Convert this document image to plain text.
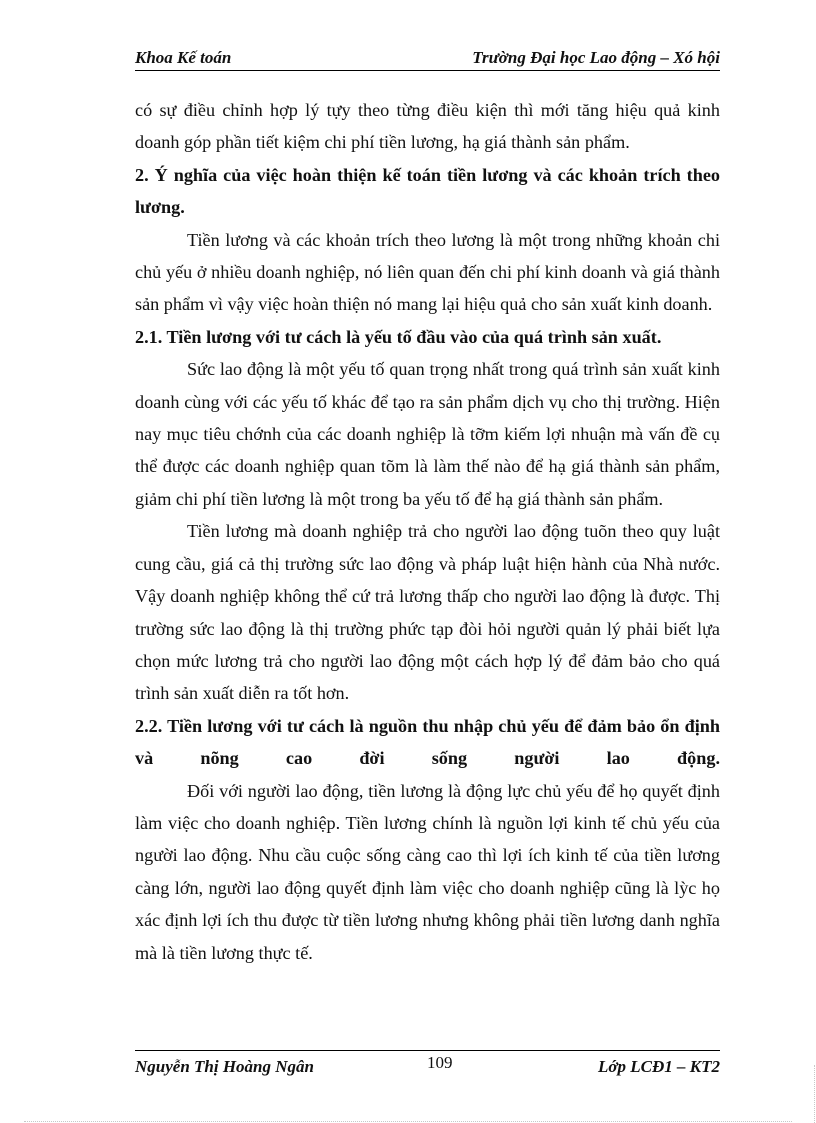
Khoa Kế toán	Trường Đại học Lao động – Xó hội

có sự điều chỉnh hợp lý tựy theo từng điều kiện thì mới tăng hiệu quả kinh doanh góp phần tiết kiệm chi phí tiền lương, hạ giá thành sản phẩm.

2. Ý nghĩa của việc hoàn thiện kế toán tiền lương và các khoản trích theo lương.

Tiền lương và các khoản trích theo lương là một trong những khoản chi chủ yếu ở nhiều doanh nghiệp, nó liên quan đến chi phí kinh doanh và giá thành sản phẩm vì vậy việc hoàn thiện nó mang lại hiệu quả cho sản xuất kinh doanh.

2.1. Tiền lương với tư cách là yếu tố đầu vào của quá trình sản xuất.

Sức lao động là một yếu tố quan trọng nhất trong quá trình sản xuất kinh doanh cùng với các yếu tố khác để tạo ra sản phẩm dịch vụ cho thị trường. Hiện nay mục tiêu chớnh của các doanh nghiệp là tỡm kiếm lợi nhuận mà vấn đề cụ thể được các doanh nghiệp quan tõm là làm thế nào để hạ giá thành sản phẩm, giảm chi phí tiền lương là một trong ba yếu tố để hạ giá thành sản phẩm.

Tiền lương mà doanh nghiệp trả cho người lao động tuõn theo quy luật cung cầu, giá cả thị trường sức lao động và pháp luật hiện hành của Nhà nước. Vậy doanh nghiệp không thể cứ trả lương thấp cho người lao động là được. Thị trường sức lao động là thị trường phức tạp đòi hỏi người quản lý phải biết lựa chọn mức lương trả cho người lao động một cách hợp lý để đảm bảo cho quá trình sản xuất diễn ra tốt hơn.

2.2. Tiền lương với tư cách là nguồn thu nhập chủ yếu để đảm bảo ổn định và nõng cao đời sống người lao động.

Đối với người lao động, tiền lương là động lực chủ yếu để họ quyết định làm việc cho doanh nghiệp. Tiền lương chính là nguồn lợi kinh tế chủ yếu của người lao động. Nhu cầu cuộc sống càng cao thì lợi ích kinh tế của tiền lương càng lớn, người lao động quyết định làm việc cho doanh nghiệp cũng là lỳc họ xác định lợi ích thu được từ tiền lương nhưng không phải tiền lương danh nghĩa mà là tiền lương thực tế.

Nguyễn Thị Hoàng Ngân	109	Lớp LCĐ1 – KT2
